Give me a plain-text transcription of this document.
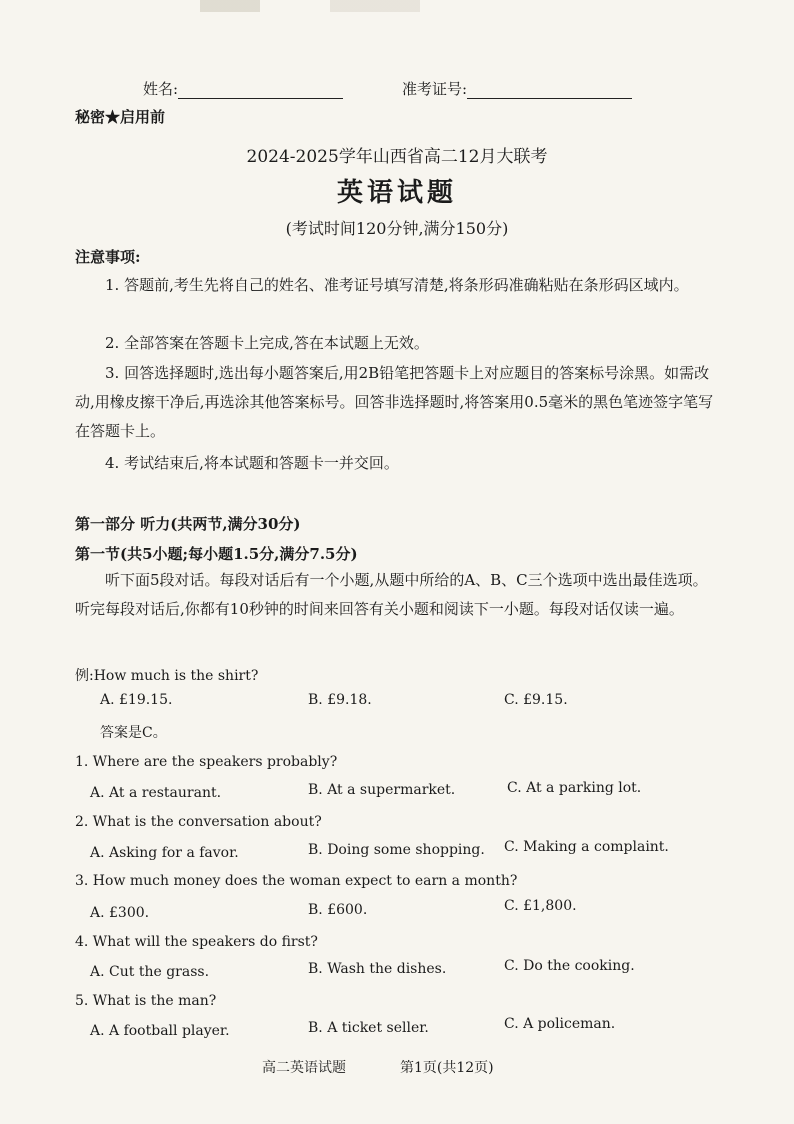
姓名:	准考证号:
秘密★启用前
2024-2025学年山西省高二12月大联考
英语试题
(考试时间120分钟,满分150分)
注意事项:
1. 答题前,考生先将自己的姓名、准考证号填写清楚,将条形码准确粘贴在条形码区域内。
2. 全部答案在答题卡上完成,答在本试题上无效。
3. 回答选择题时,选出每小题答案后,用2B铅笔把答题卡上对应题目的答案标号涂黑。如需改动,用橡皮擦干净后,再选涂其他答案标号。回答非选择题时,将答案用0.5毫米的黑色笔迹签字笔写在答题卡上。
4. 考试结束后,将本试题和答题卡一并交回。
第一部分 听力(共两节,满分30分)
第一节(共5小题;每小题1.5分,满分7.5分)
听下面5段对话。每段对话后有一个小题,从题中所给的A、B、C三个选项中选出最佳选项。听完每段对话后,你都有10秒钟的时间来回答有关小题和阅读下一小题。每段对话仅读一遍。
例:How much is the shirt?
A. £19.15.	B. £9.18.	C. £9.15.
答案是C。
1. Where are the speakers probably?
A. At a restaurant.	B. At a supermarket.	C. At a parking lot.
2. What is the conversation about?
A. Asking for a favor.	B. Doing some shopping. C. Making a complaint.
3. How much money does the woman expect to earn a month?
A. £300.	B. £600.	C. £1,800.
4. What will the speakers do first?
A. Cut the grass.	B. Wash the dishes.	C. Do the cooking.
5. What is the man?
A. A football player.	B. A ticket seller.	C. A policeman.
高二英语试题	第1页(共12页)
